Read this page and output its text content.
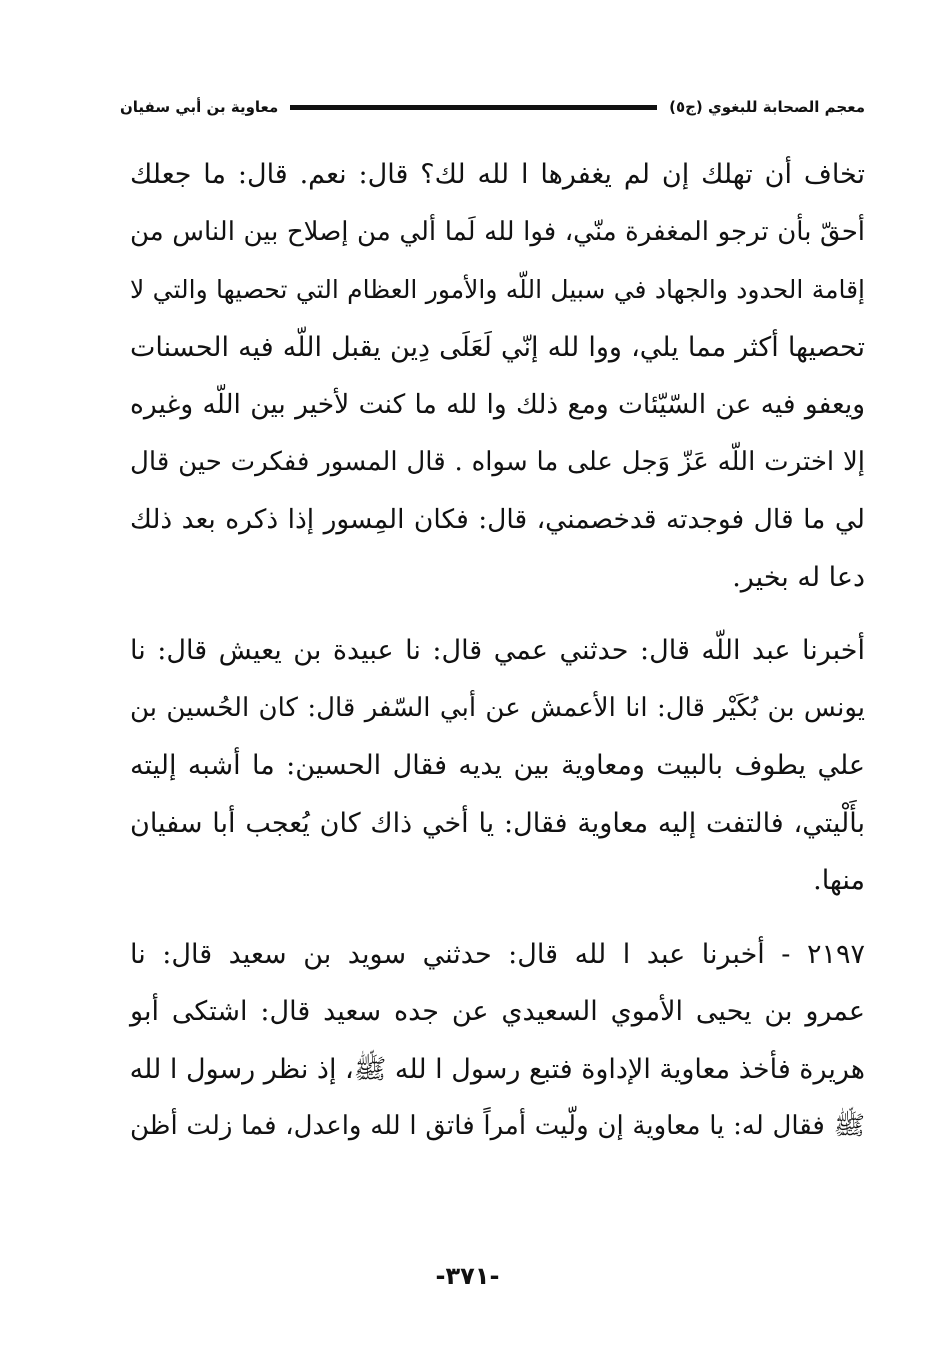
معجم الصحابة للبغوي (ج٥)
معاوية بن أبي سفيان
تخاف أن تهلك إن لم يغفرها ا لله لك؟ قال: نعم. قال: ما جعلك
أحقّ بأن ترجو المغفرة منّي، فوا لله لَما ألي من إصلاح بين الناس من
إقامة الحدود والجهاد في سبيل اللّه والأمور العظام التي تحصيها والتي لا
تحصيها أكثر مما يلي، ووا لله إنّي لَعَلَى دِين يقبل اللّه فيه الحسنات
ويعفو فيه عن السّيّئات ومع ذلك وا لله ما كنت لأخير بين اللّه وغيره
إلا اخترت اللّه عَزّ وَجل على ما سواه . قال المسور ففكرت حين قال
لي ما قال فوجدته قدخصمني، قال: فكان المِسور إذا ذكره بعد ذلك
دعا له بخير.
أخبرنا عبد اللّه قال: حدثني عمي قال: نا عبيدة بن يعيش قال: نا
يونس بن بُكَيْر قال: انا الأعمش عن أبي السّفر قال: كان الحُسين بن
علي يطوف بالبيت ومعاوية بين يديه فقال الحسين: ما أشبه إليته
بأَلْيتي، فالتفت إليه معاوية فقال: يا أخي ذاك كان يُعجب أبا سفيان
منها.
٢١٩٧ - أخبرنا عبد ا لله قال: حدثني سويد بن سعيد قال: نا
عمرو بن يحيى الأموي السعيدي عن جده سعيد قال: اشتكى أبو
هريرة فأخذ معاوية الإداوة فتبع رسول ا لله ﷺ، إذ نظر رسول ا لله
ﷺ فقال له: يا معاوية إن ولّيت أمراً فاتق ا لله واعدل، فما زلت أظن
-٣٧١-
